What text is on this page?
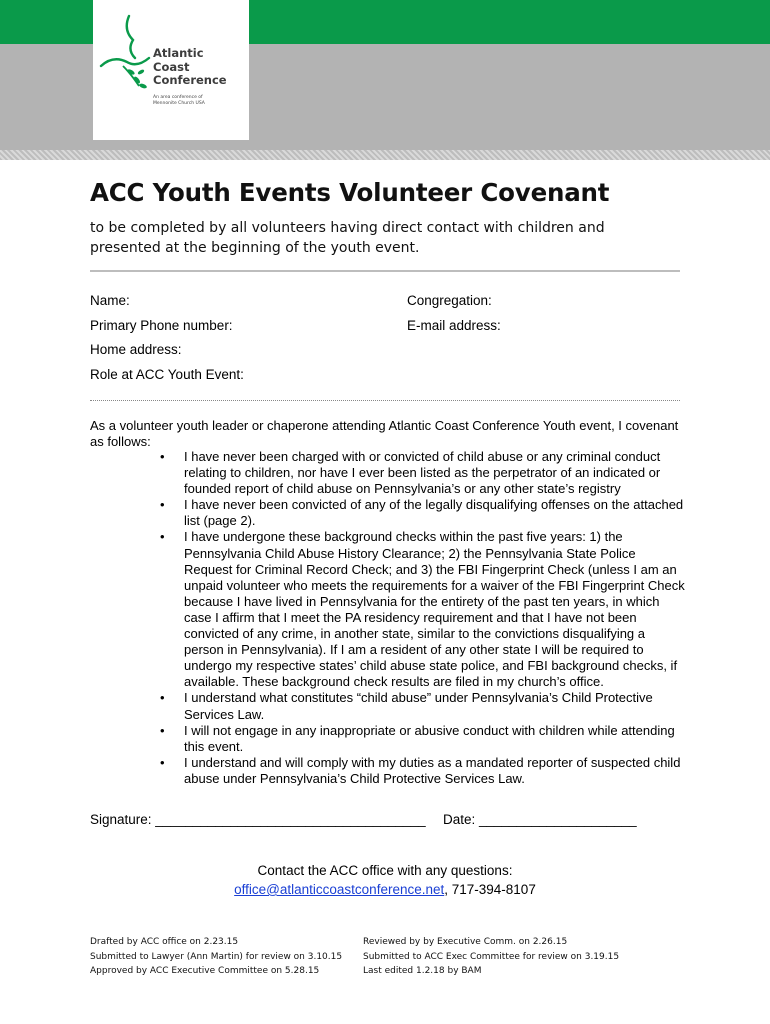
Atlantic
Coast
Conference
An area conference of
Mennonite Church USA
ACC Youth Events Volunteer Covenant
to be completed by all volunteers having direct contact with children and presented at the beginning of the youth event.
Name:	Congregation:
Primary Phone number:	E-mail address:
Home address:
Role at ACC Youth Event:
As a volunteer youth leader or chaperone attending Atlantic Coast Conference Youth event, I covenant as follows:
• I have never been charged with or convicted of child abuse or any criminal conduct relating to children, nor have I ever been listed as the perpetrator of an indicated or founded report of child abuse on Pennsylvania’s or any other state’s registry
• I have never been convicted of any of the legally disqualifying offenses on the attached list (page 2).
• I have undergone these background checks within the past five years: 1) the Pennsylvania Child Abuse History Clearance; 2) the Pennsylvania State Police Request for Criminal Record Check; and 3) the FBI Fingerprint Check (unless I am an unpaid volunteer who meets the requirements for a waiver of the FBI Fingerprint Check because I have lived in Pennsylvania for the entirety of the past ten years, in which case I affirm that I meet the PA residency requirement and that I have not been convicted of any crime, in another state, similar to the convictions disqualifying a person in Pennsylvania). If I am a resident of any other state I will be required to undergo my respective states’ child abuse state police, and FBI background checks, if available. These background check results are filed in my church’s office.
• I understand what constitutes “child abuse” under Pennsylvania’s Child Protective Services Law.
• I will not engage in any inappropriate or abusive conduct with children while attending this event.
• I understand and will comply with my duties as a mandated reporter of suspected child abuse under Pennsylvania’s Child Protective Services Law.
Signature: ____________________________________ Date: _____________________
Contact the ACC office with any questions:
office@atlanticcoastconference.net, 717-394-8107
Drafted by ACC office on 2.23.15
Submitted to Lawyer (Ann Martin) for review on 3.10.15
Approved by ACC Executive Committee on 5.28.15
Reviewed by by Executive Comm. on 2.26.15
Submitted to ACC Exec Committee for review on 3.19.15
Last edited 1.2.18 by BAM
